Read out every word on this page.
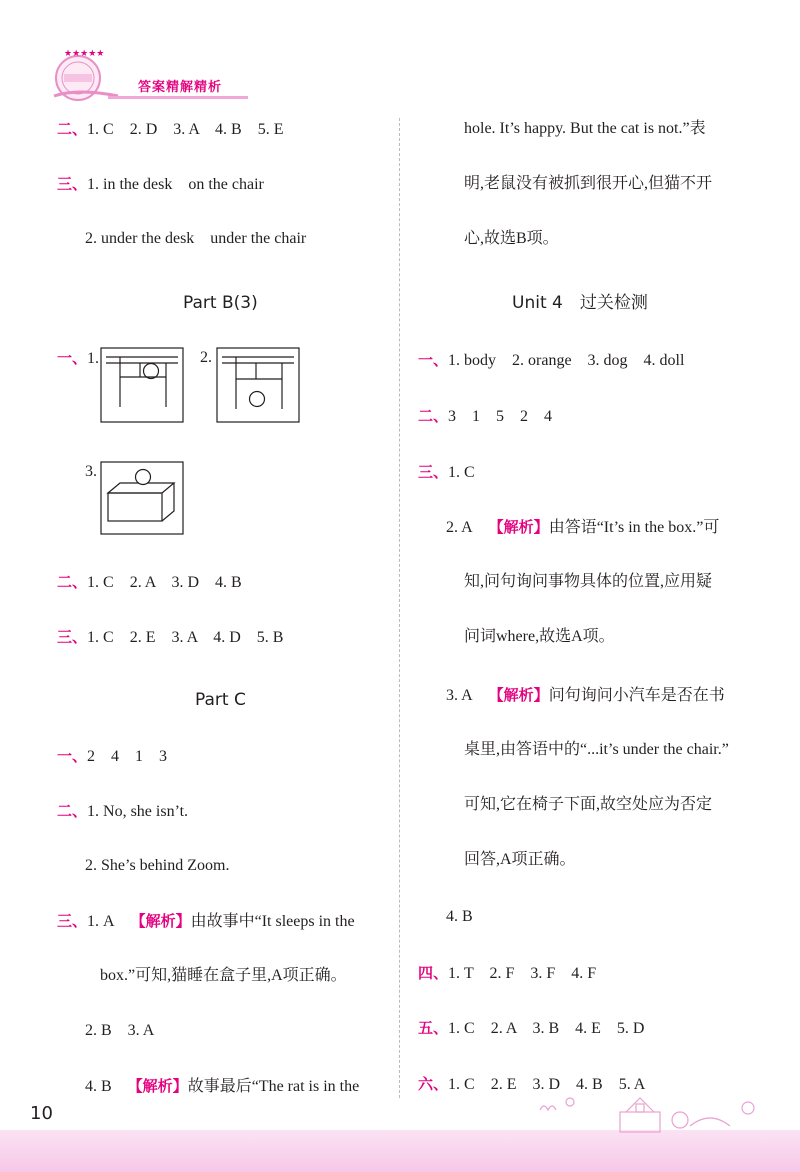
★★★★★
答案精解精析
二、1. C　2. D　3. A　4. B　5. E
三、1. in the desk　on the chair
2. under the desk　under the chair
Part B(3)
一、1.	2.
3.
二、1. C　2. A　3. D　4. B
三、1. C　2. E　3. A　4. D　5. B
Part C
一、2　4　1　3
二、1. No, she isn’t.
2. She’s behind Zoom.
三、1. A 【解析】由故事中“It sleeps in the
box.”可知,猫睡在盒子里,A项正确。
2. B　3. A
4. B 【解析】故事最后“The rat is in the
hole. It’s happy. But the cat is not.”表
明,老鼠没有被抓到很开心,但猫不开
心,故选B项。
Unit 4　过关检测
一、1. body　2. orange　3. dog　4. doll
二、3　1　5　2　4
三、1. C
2. A 【解析】由答语“It’s in the box.”可
知,问句询问事物具体的位置,应用疑
问词where,故选A项。
3. A 【解析】问句询问小汽车是否在书
桌里,由答语中的“...it’s under the chair.”
可知,它在椅子下面,故空处应为否定
回答,A项正确。
4. B
四、1. T　2. F　3. F　4. F
五、1. C　2. A　3. B　4. E　5. D
六、1. C　2. E　3. D　4. B　5. A
10
